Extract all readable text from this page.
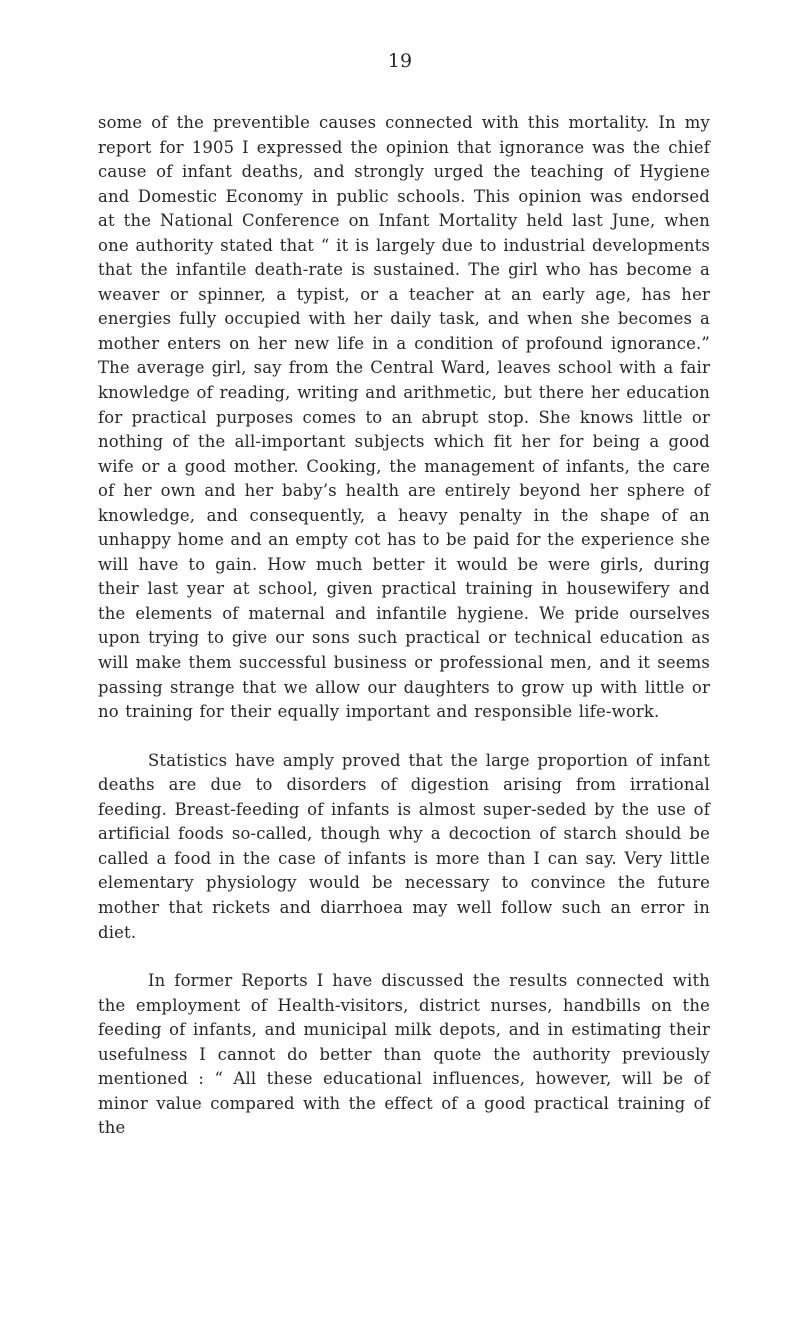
19

some of the preventible causes connected with this mortality. In my report for 1905 I expressed the opinion that ignorance was the chief cause of infant deaths, and strongly urged the teaching of Hygiene and Domestic Economy in public schools. This opinion was endorsed at the National Conference on Infant Mortality held last June, when one authority stated that “ it is largely due to industrial developments that the infantile death-rate is sustained. The girl who has become a weaver or spinner, a typist, or a teacher at an early age, has her energies fully occupied with her daily task, and when she becomes a mother enters on her new life in a condition of profound ignorance.” The average girl, say from the Central Ward, leaves school with a fair knowledge of reading, writing and arithmetic, but there her education for practical purposes comes to an abrupt stop. She knows little or nothing of the all-important subjects which fit her for being a good wife or a good mother. Cooking, the management of infants, the care of her own and her baby’s health are entirely beyond her sphere of knowledge, and consequently, a heavy penalty in the shape of an unhappy home and an empty cot has to be paid for the experience she will have to gain. How much better it would be were girls, during their last year at school, given practical training in housewifery and the elements of maternal and infantile hygiene. We pride ourselves upon trying to give our sons such practical or technical education as will make them successful business or professional men, and it seems passing strange that we allow our daughters to grow up with little or no training for their equally important and responsible life-work.

Statistics have amply proved that the large proportion of infant deaths are due to disorders of digestion arising from irrational feeding. Breast-feeding of infants is almost super-seded by the use of artificial foods so-called, though why a decoction of starch should be called a food in the case of infants is more than I can say. Very little elementary physiology would be necessary to convince the future mother that rickets and diarrhoea may well follow such an error in diet.

In former Reports I have discussed the results connected with the employment of Health-visitors, district nurses, handbills on the feeding of infants, and municipal milk depots, and in estimating their usefulness I cannot do better than quote the authority previously mentioned : “ All these educational influences, however, will be of minor value compared with the effect of a good practical training of the
